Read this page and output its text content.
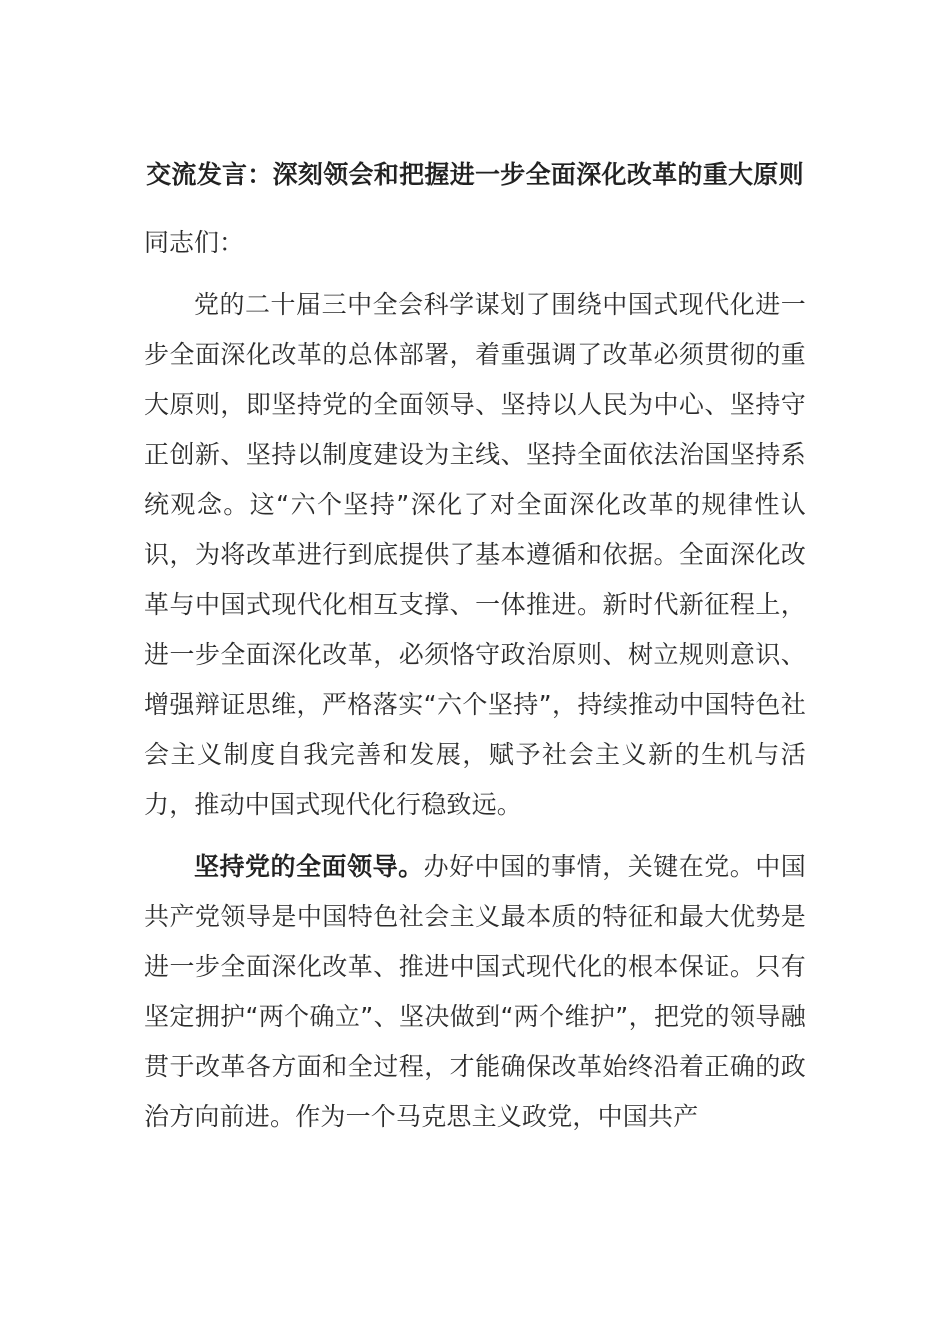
交流发言：深刻领会和把握进一步全面深化改革的重大原则

同志们：

党的二十届三中全会科学谋划了围绕中国式现代化进一步全面深化改革的总体部署，着重强调了改革必须贯彻的重大原则，即坚持党的全面领导、坚持以人民为中心、坚持守正创新、坚持以制度建设为主线、坚持全面依法治国坚持系统观念。这“六个坚持”深化了对全面深化改革的规律性认识，为将改革进行到底提供了基本遵循和依据。全面深化改革与中国式现代化相互支撑、一体推进。新时代新征程上，进一步全面深化改革，必须恪守政治原则、树立规则意识、增强辩证思维，严格落实“六个坚持”，持续推动中国特色社会主义制度自我完善和发展，赋予社会主义新的生机与活力，推动中国式现代化行稳致远。

坚持党的全面领导。办好中国的事情，关键在党。中国共产党领导是中国特色社会主义最本质的特征和最大优势是进一步全面深化改革、推进中国式现代化的根本保证。只有坚定拥护“两个确立”、坚决做到“两个维护”，把党的领导融贯于改革各方面和全过程，才能确保改革始终沿着正确的政治方向前进。作为一个马克思主义政党，中国共产
